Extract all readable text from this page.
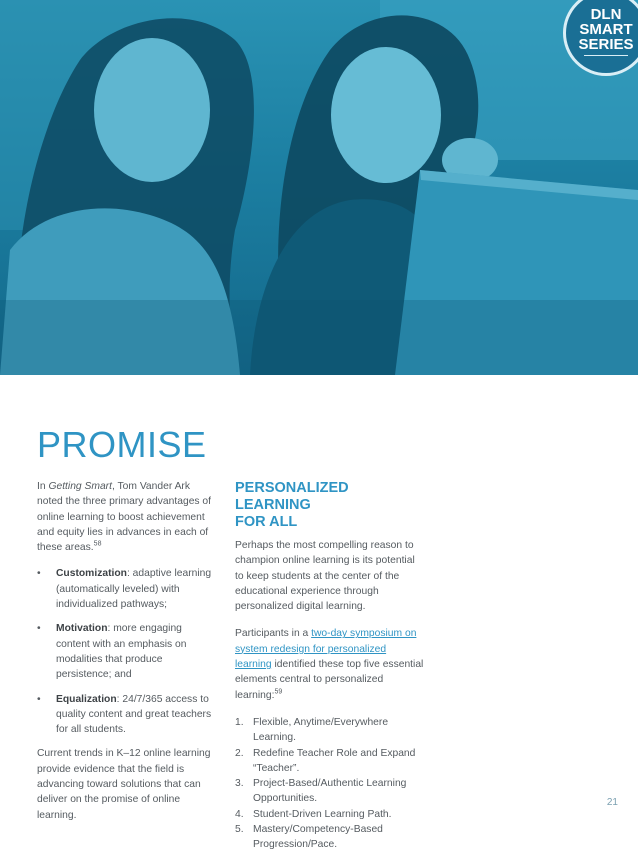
DLN
SMART
SERIES
PROMISE

In Getting Smart, Tom Vander Ark noted the three primary advantages of online learning to boost achievement and equity lies in advances in each of these areas.$^{58}$

• Customization: adaptive learning (automatically leveled) with individualized pathways;
• Motivation: more engaging content with an emphasis on modalities that produce persistence; and
• Equalization: 24/7/365 access to quality content and great teachers for all students.

Current trends in K–12 online learning provide evidence that the field is advancing toward solutions that can deliver on the promise of online learning.

PERSONALIZED LEARNING
FOR ALL

Perhaps the most compelling reason to champion online learning is its potential to keep students at the center of the educational experience through personalized digital learning.

Participants in a two-day symposium on system redesign for personalized learning identified these top five essential elements central to personalized learning:$^{59}$

1. Flexible, Anytime/Everywhere Learning.
2. Redefine Teacher Role and Expand “Teacher”.
3. Project-Based/Authentic Learning Opportunities.
4. Student-Driven Learning Path.
5. Mastery/Competency-Based Progression/Pace.
21
